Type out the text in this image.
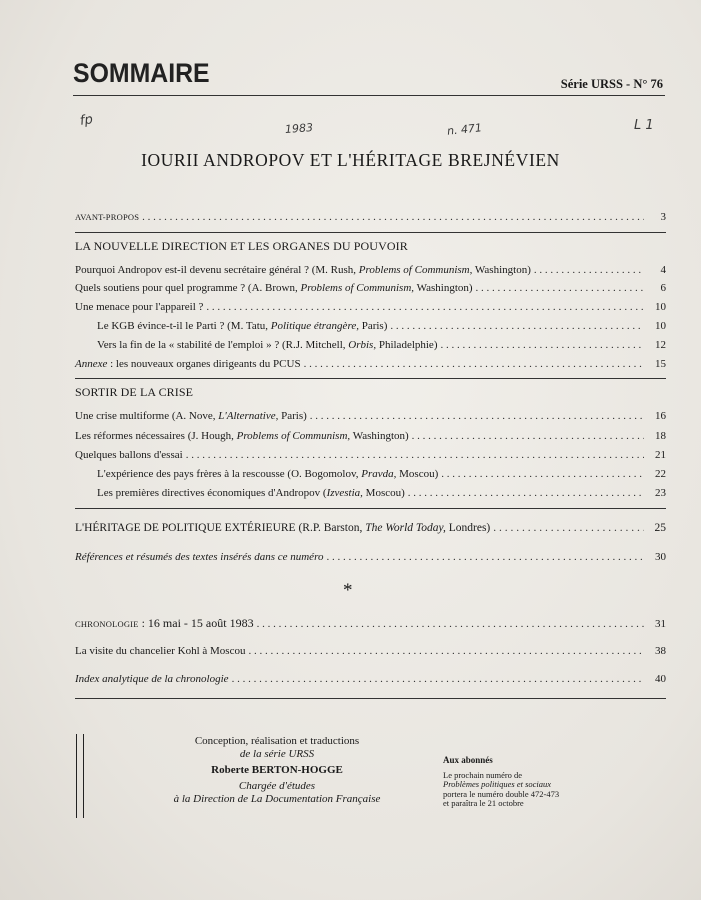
SOMMAIRE	Série URSS - N° 76
fp	1983	n. 471	L 1
IOURII ANDROPOV ET L'HÉRITAGE BREJNÉVIEN
AVANT-PROPOS . . .	3
LA NOUVELLE DIRECTION ET LES ORGANES DU POUVOIR
Pourquoi Andropov est-il devenu secrétaire général ? (M. Rush, Problems of Communism, Washington) . . .	4
Quels soutiens pour quel programme ? (A. Brown, Problems of Communism, Washington) . . .	6
Une menace pour l'appareil ? . . .	10
Le KGB évince-t-il le Parti ? (M. Tatu, Politique étrangère, Paris) . . .	10
Vers la fin de la « stabilité de l'emploi » ? (R.J. Mitchell, Orbis, Philadelphie) . . .	12
Annexe : les nouveaux organes dirigeants du PCUS . . .	15
SORTIR DE LA CRISE
Une crise multiforme (A. Nove, L'Alternative, Paris) . . .	16
Les réformes nécessaires (J. Hough, Problems of Communism, Washington) . . .	18
Quelques ballons d'essai . . .	21
L'expérience des pays frères à la rescousse (O. Bogomolov, Pravda, Moscou) . . .	22
Les premières directives économiques d'Andropov (Izvestia, Moscou) . . .	23
L'HÉRITAGE DE POLITIQUE EXTÉRIEURE (R.P. Barston, The World Today, Londres) . . .	25
Références et résumés des textes insérés dans ce numéro . . .	30
*
CHRONOLOGIE : 16 mai - 15 août 1983 . . .	31
La visite du chancelier Kohl à Moscou . . .	38
Index analytique de la chronologie . . .	40
Conception, réalisation et traductions
de la série URSS
Roberte BERTON-HOGGE
Chargée d'études
à la Direction de La Documentation Française
Aux abonnés
Le prochain numéro de
Problèmes politiques et sociaux
portera le numéro double 472-473
et paraîtra le 21 octobre
